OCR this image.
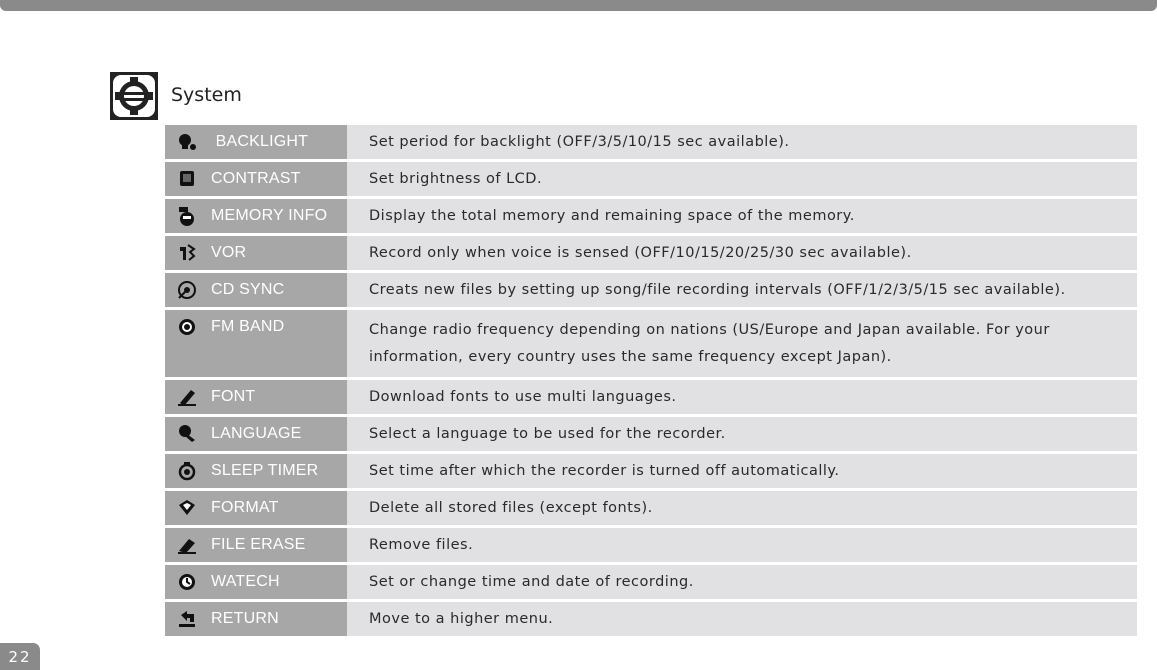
System
BACKLIGHT	Set period for backlight (OFF/3/5/10/15 sec available).
CONTRAST	Set brightness of LCD.
MEMORY INFO	Display the total memory and remaining space of the memory.
VOR	Record only when voice is sensed (OFF/10/15/20/25/30 sec available).
CD SYNC	Creats new files by setting up song/file recording intervals (OFF/1/2/3/5/15 sec available).
FM BAND	Change radio frequency depending on nations (US/Europe and Japan available. For your information, every country uses the same frequency except Japan).
FONT	Download fonts to use multi languages.
LANGUAGE	Select a language to be used for the recorder.
SLEEP TIMER	Set time after which the recorder is turned off automatically.
FORMAT	Delete all stored files (except fonts).
FILE ERASE	Remove files.
WATECH	Set or change time and date of recording.
RETURN	Move to a higher menu.
22
